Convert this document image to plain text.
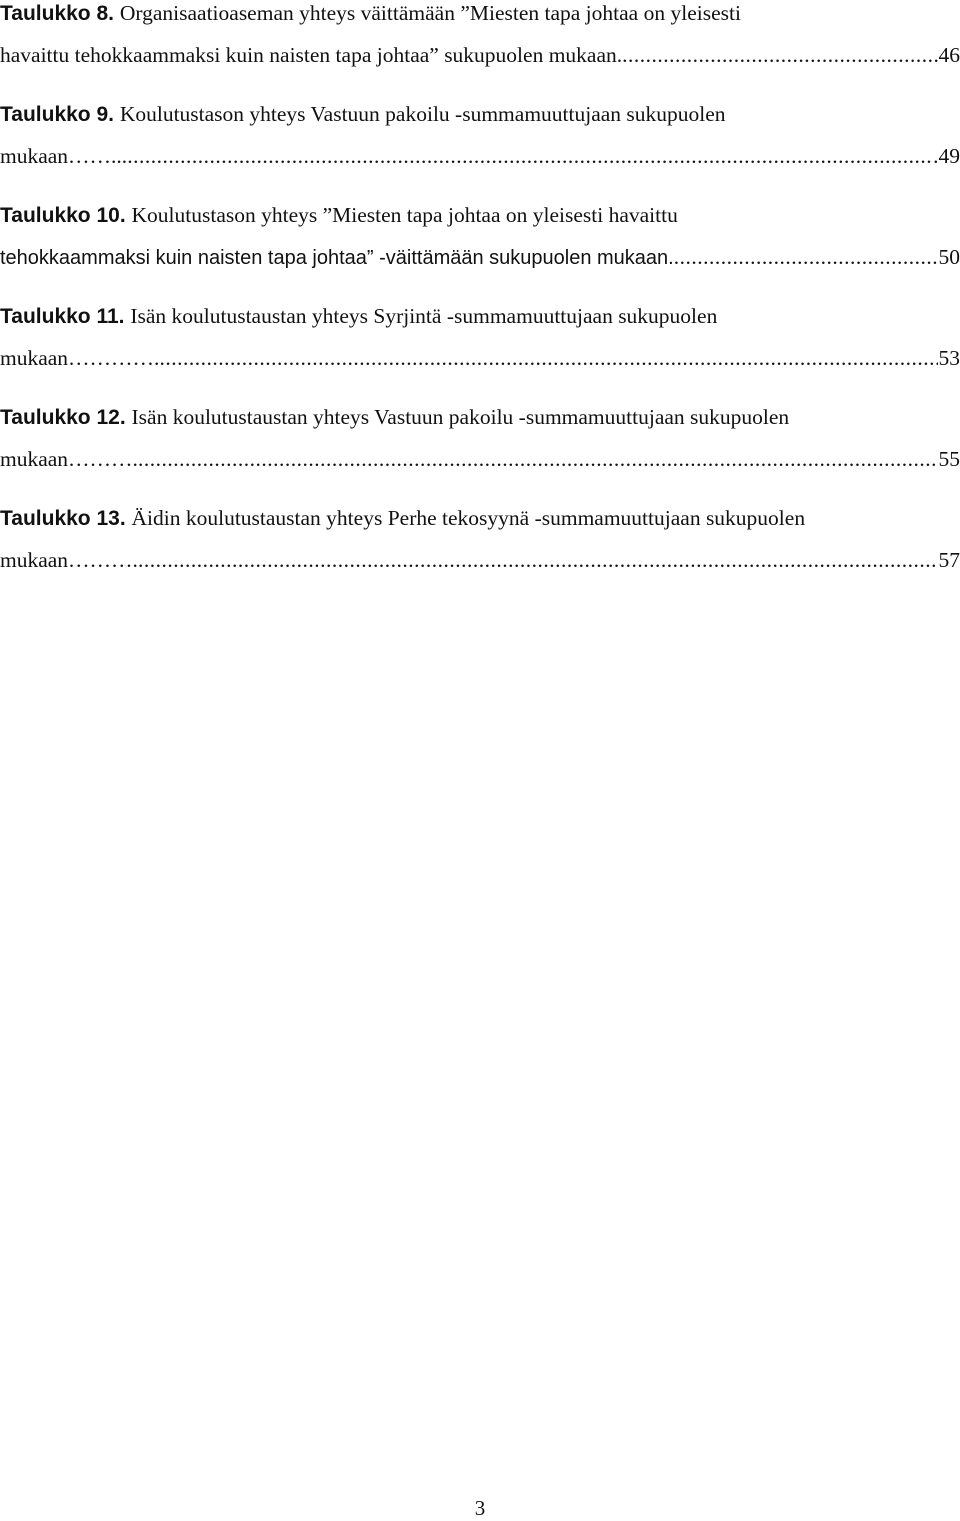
Taulukko 8. Organisaatioaseman yhteys väittämään ”Miesten tapa johtaa on yleisesti
havaittu tehokkaammaksi kuin naisten tapa johtaa” sukupuolen mukaan. .....	46
Taulukko 9. Koulutustason yhteys Vastuun pakoilu -summamuuttujaan sukupuolen
mukaan……... .....	.49
Taulukko 10. Koulutustason yhteys ”Miesten tapa johtaa on yleisesti havaittu
tehokkaammaksi kuin naisten tapa johtaa” -väittämään sukupuolen mukaan. .....	50
Taulukko 11. Isän koulutustaustan yhteys Syrjintä -summamuuttujaan sukupuolen
mukaan…………. .....	53
Taulukko 12. Isän koulutustaustan yhteys Vastuun pakoilu -summamuuttujaan sukupuolen
mukaan………. .....	55
Taulukko 13. Äidin koulutustaustan yhteys Perhe tekosyynä -summamuuttujaan sukupuolen
mukaan………. .....	57
3
